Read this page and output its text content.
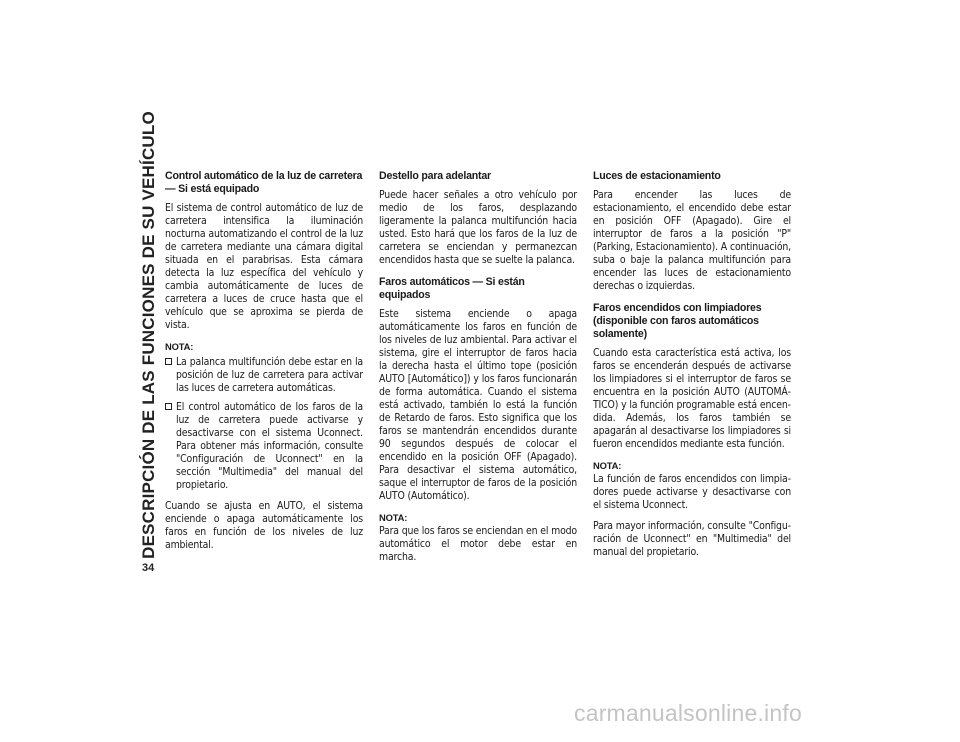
DESCRIPCIÓN DE LAS FUNCIONES DE SU VEHÍCULO
34
Control automático de la luz de carretera — Si está equipado

El sistema de control automático de luz de carretera intensifica la iluminación nocturna automatizando el control de la luz de carretera mediante una cámara digital situada en el parabrisas. Esta cámara detecta la luz específica del vehículo y cambia automáticamente de luces de carretera a luces de cruce hasta que el vehículo que se aproxima se pierda de vista.

NOTA:
La palanca multifunción debe estar en la posición de luz de carretera para activar las luces de carretera automáticas.
El control automático de los faros de la luz de carretera puede activarse y desactivarse con el sistema Uconnect. Para obtener más información, consulte "Configuración de Uconnect" en la sección "Multimedia" del manual del propietario.

Cuando se ajusta en AUTO, el sistema enciende o apaga automáticamente los faros en función de los niveles de luz ambiental.

Destello para adelantar

Puede hacer señales a otro vehículo por medio de los faros, desplazando ligeramente la palanca multifunción hacia usted. Esto hará que los faros de la luz de carretera se enciendan y permanezcan encendidos hasta que se suelte la palanca.

Faros automáticos — Si están equipados

Este sistema enciende o apaga automáticamente los faros en función de los niveles de luz ambiental. Para activar el sistema, gire el interruptor de faros hacia la derecha hasta el último tope (posición AUTO [Automático]) y los faros funcionarán de forma automática. Cuando el sistema está activado, también lo está la función de Retardo de faros. Esto significa que los faros se mantendrán encendidos durante 90 segundos después de colocar el encendido en la posición OFF (Apagado). Para desactivar el sistema automático, saque el interruptor de faros de la posición AUTO (Automático).

NOTA:

Para que los faros se enciendan en el modo automático el motor debe estar en marcha.

Luces de estacionamiento

Para encender las luces de estacionamiento, el encendido debe estar en posición OFF (Apagado). Gire el interruptor de faros a la posición "P" (Parking, Estacionamiento). A continuación, suba o baje la palanca multifunción para encender las luces de estacionamiento derechas o izquierdas.

Faros encendidos con limpiadores (disponible con faros automáticos solamente)

Cuando esta característica está activa, los faros se encenderán después de activarse los limpiadores si el interruptor de faros se encuentra en la posición AUTO (AUTOMÁTICO) y la función programable está encendida. Además, los faros también se apagarán al desactivarse los limpiadores si fueron encendidos mediante esta función.

NOTA:

La función de faros encendidos con limpiadores puede activarse y desactivarse con el sistema Uconnect.

Para mayor información, consulte "Configuración de Uconnect" en "Multimedia" del manual del propietario.

carmanualsonline.info
